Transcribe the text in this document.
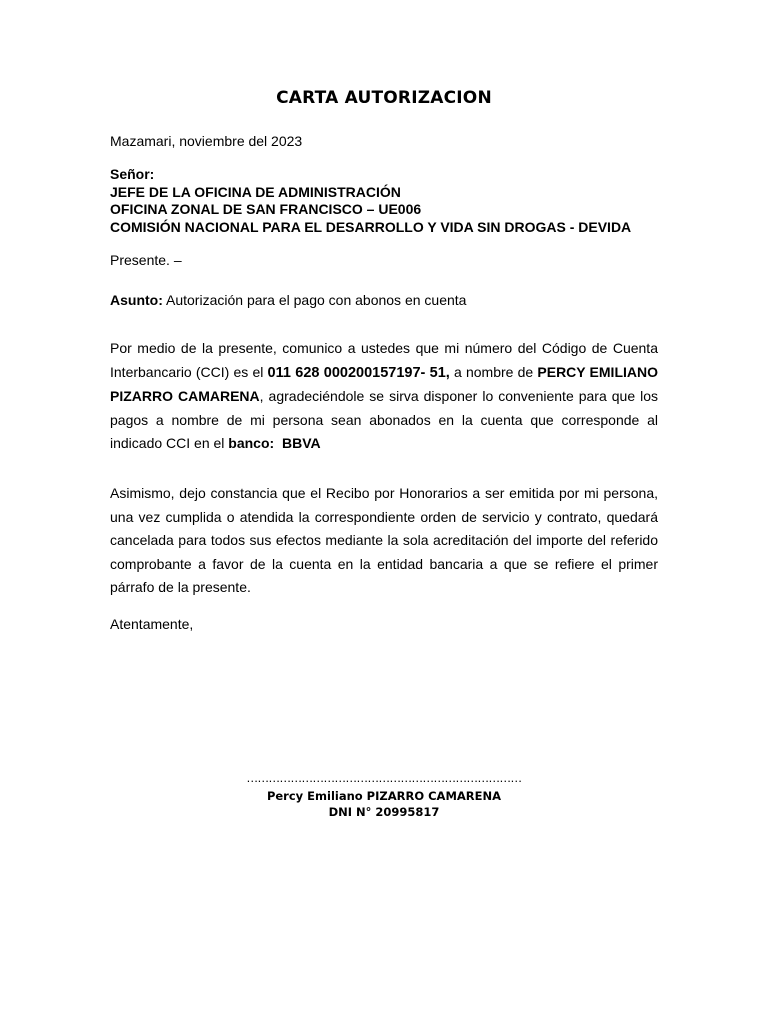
CARTA AUTORIZACION
Mazamari, noviembre del 2023
Señor:
JEFE DE LA OFICINA DE ADMINISTRACIÓN
OFICINA ZONAL DE SAN FRANCISCO – UE006
COMISIÓN NACIONAL PARA EL DESARROLLO Y VIDA SIN DROGAS - DEVIDA
Presente. –
Asunto: Autorización para el pago con abonos en cuenta
Por medio de la presente, comunico a ustedes que mi número del Código de Cuenta Interbancario (CCI) es el 011 628 000200157197- 51, a nombre de PERCY EMILIANO PIZARRO CAMARENA, agradeciéndole se sirva disponer lo conveniente para que los pagos a nombre de mi persona sean abonados en la cuenta que corresponde al indicado CCI en el banco:  BBVA
Asimismo, dejo constancia que el Recibo por Honorarios a ser emitida por mi persona, una vez cumplida o atendida la correspondiente orden de servicio y contrato, quedará cancelada para todos sus efectos mediante la sola acreditación del importe del referido comprobante a favor de la cuenta en la entidad bancaria a que se refiere el primer párrafo de la presente.
Atentamente,
…………………………………………………………………
Percy Emiliano PIZARRO CAMARENA
DNI N° 20995817
